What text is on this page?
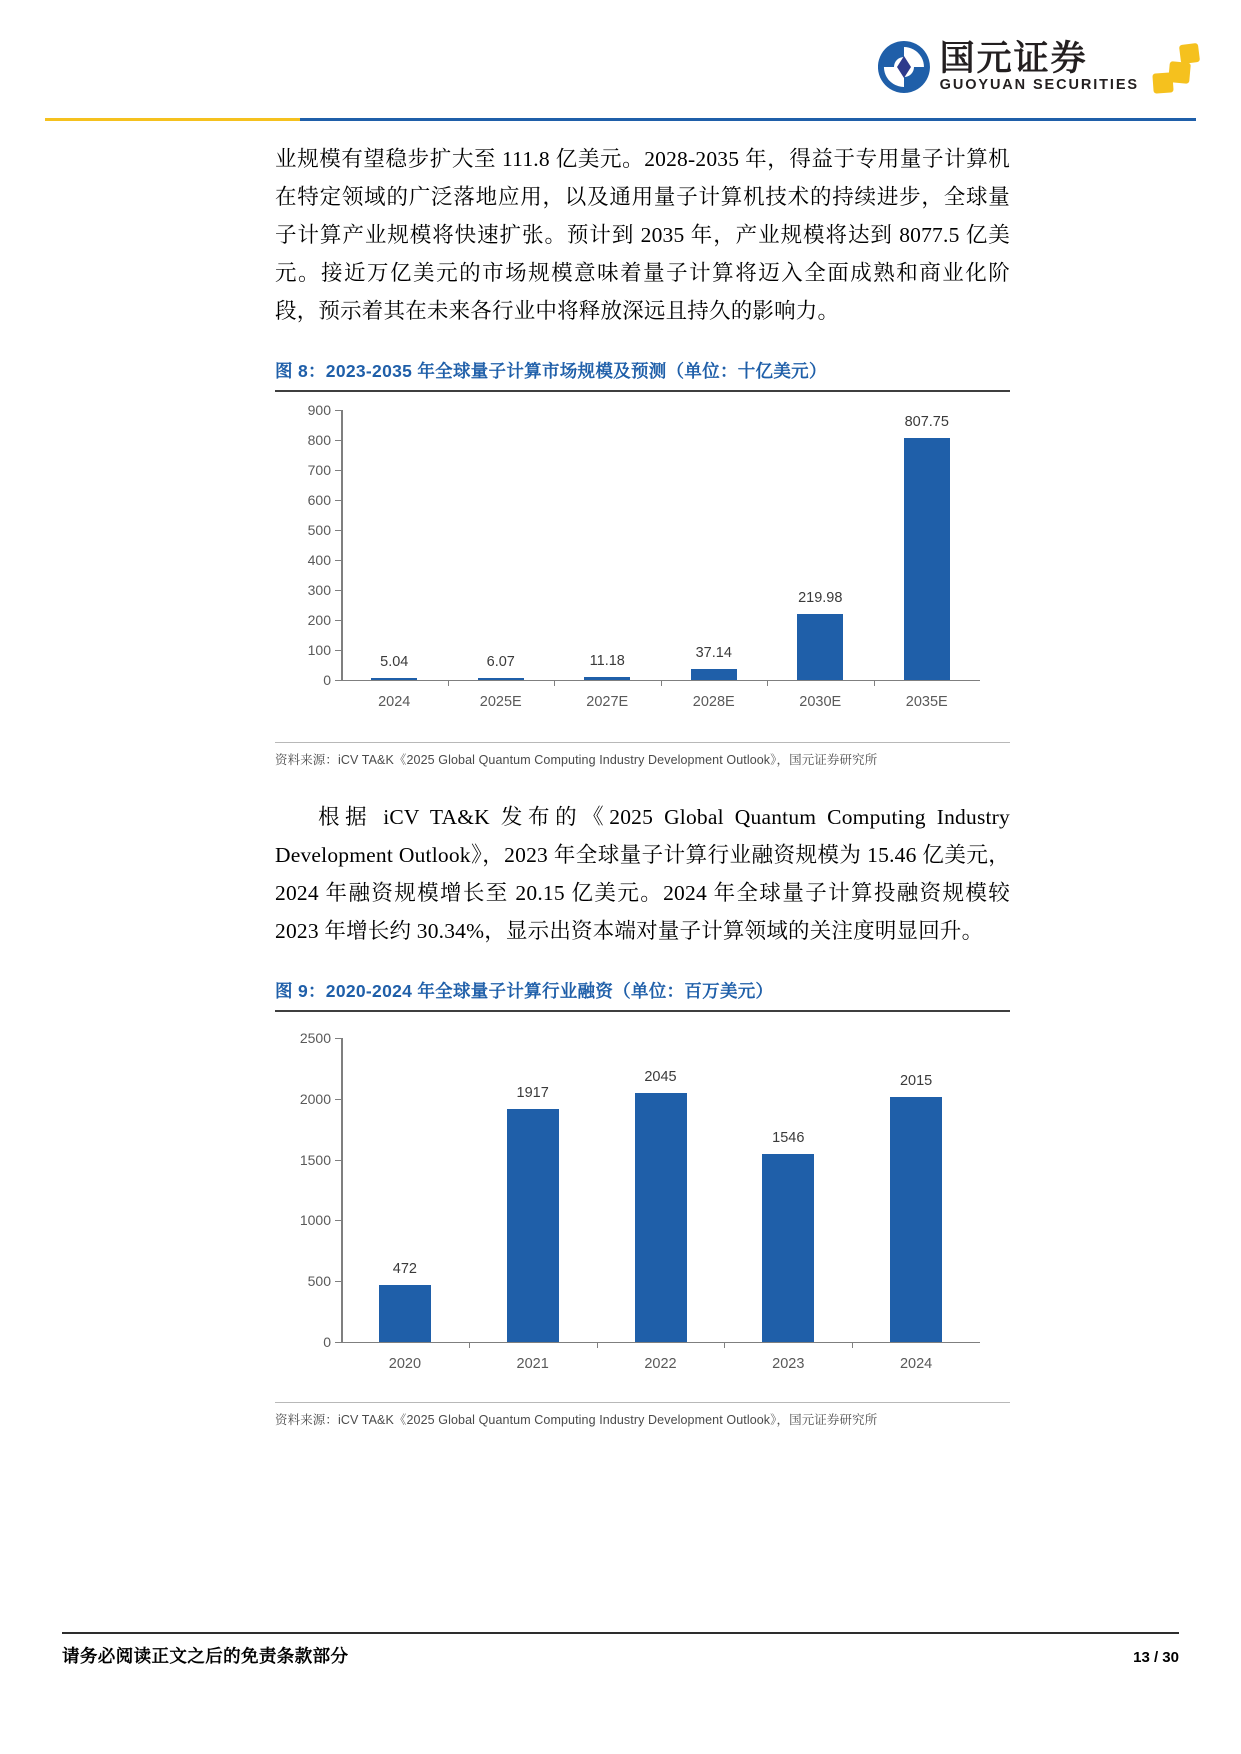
国元证券
GUOYUAN SECURITIES

业规模有望稳步扩大至 111.8 亿美元。2028-2035 年，得益于专用量子计算机在特定领域的广泛落地应用，以及通用量子计算机技术的持续进步，全球量子计算产业规模将快速扩张。预计到 2035 年，产业规模将达到 8077.5 亿美元。接近万亿美元的市场规模意味着量子计算将迈入全面成熟和商业化阶段，预示着其在未来各行业中将释放深远且持久的影响力。

图 8：2023-2035 年全球量子计算市场规模及预测（单位：十亿美元）
0
100
200
300
400
500
600
700
800
900
5.04
2024
6.07
2025E
11.18
2027E
37.14
2028E
219.98
2030E
807.75
2035E
资料来源：iCV TA&K《2025 Global Quantum Computing Industry Development Outlook》，国元证券研究所

根据 iCV TA&K 发布的《2025 Global Quantum Computing Industry Development Outlook》，2023 年全球量子计算行业融资规模为 15.46 亿美元，2024 年融资规模增长至 20.15 亿美元。2024 年全球量子计算投融资规模较 2023 年增长约 30.34%，显示出资本端对量子计算领域的关注度明显回升。

图 9：2020-2024 年全球量子计算行业融资（单位：百万美元）
0
500
1000
1500
2000
2500
472
2020
1917
2021
2045
2022
1546
2023
2015
2024
资料来源：iCV TA&K《2025 Global Quantum Computing Industry Development Outlook》，国元证券研究所
请务必阅读正文之后的免责条款部分	13 / 30
